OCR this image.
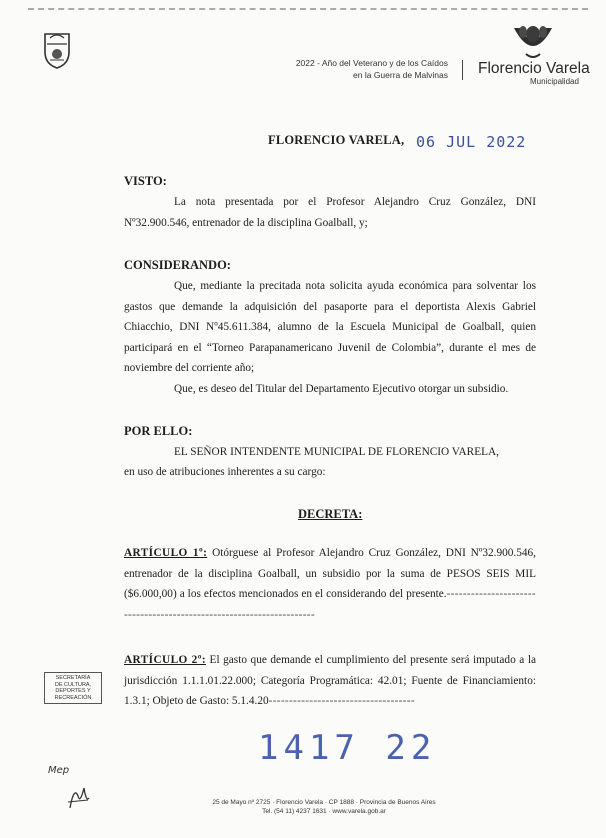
2022 - Año del Veterano y de los Caídos
en la Guerra de Malvinas Florencio Varela
Municipalidad
FLORENCIO VARELA, 06 JUL 2022
VISTO:
La nota presentada por el Profesor Alejandro Cruz González, DNI Nº32.900.546, entrenador de la disciplina Goalball, y;
CONSIDERANDO:
Que, mediante la precitada nota solicita ayuda económica para solventar los gastos que demande la adquisición del pasaporte para el deportista Alexis Gabriel Chiacchio, DNI Nº45.611.384, alumno de la Escuela Municipal de Goalball, quien participará en el “Torneo Parapanamericano Juvenil de Colombia”, durante el mes de noviembre del corriente año;
Que, es deseo del Titular del Departamento Ejecutivo otorgar un subsidio.
POR ELLO:
EL SEÑOR INTENDENTE MUNICIPAL DE FLORENCIO VARELA,
en uso de atribuciones inherentes a su cargo:
DECRETA:
ARTÍCULO 1º: Otórguese al Profesor Alejandro Cruz González, DNI Nº32.900.546, entrenador de la disciplina Goalball, un subsidio por la suma de PESOS SEIS MIL ($6.000,00) a los efectos mencionados en el considerando del presente.---------------------------------------------------------------------
ARTÍCULO 2º: El gasto que demande el cumplimiento del presente será imputado a la jurisdicción 1.1.1.01.22.000; Categoría Programática: 42.01; Fuente de Financiamiento: 1.3.1; Objeto de Gasto: 5.1.4.20------------------------------------
SECRETARÍA
DE CULTURA,
DEPORTES Y
RECREACIÓN
1417 22
Mep
25 de Mayo nº 2725 · Florencio Varela · CP 1888 · Provincia de Buenos Aires
Tel. (54 11) 4237 1631 · www.varela.gob.ar
